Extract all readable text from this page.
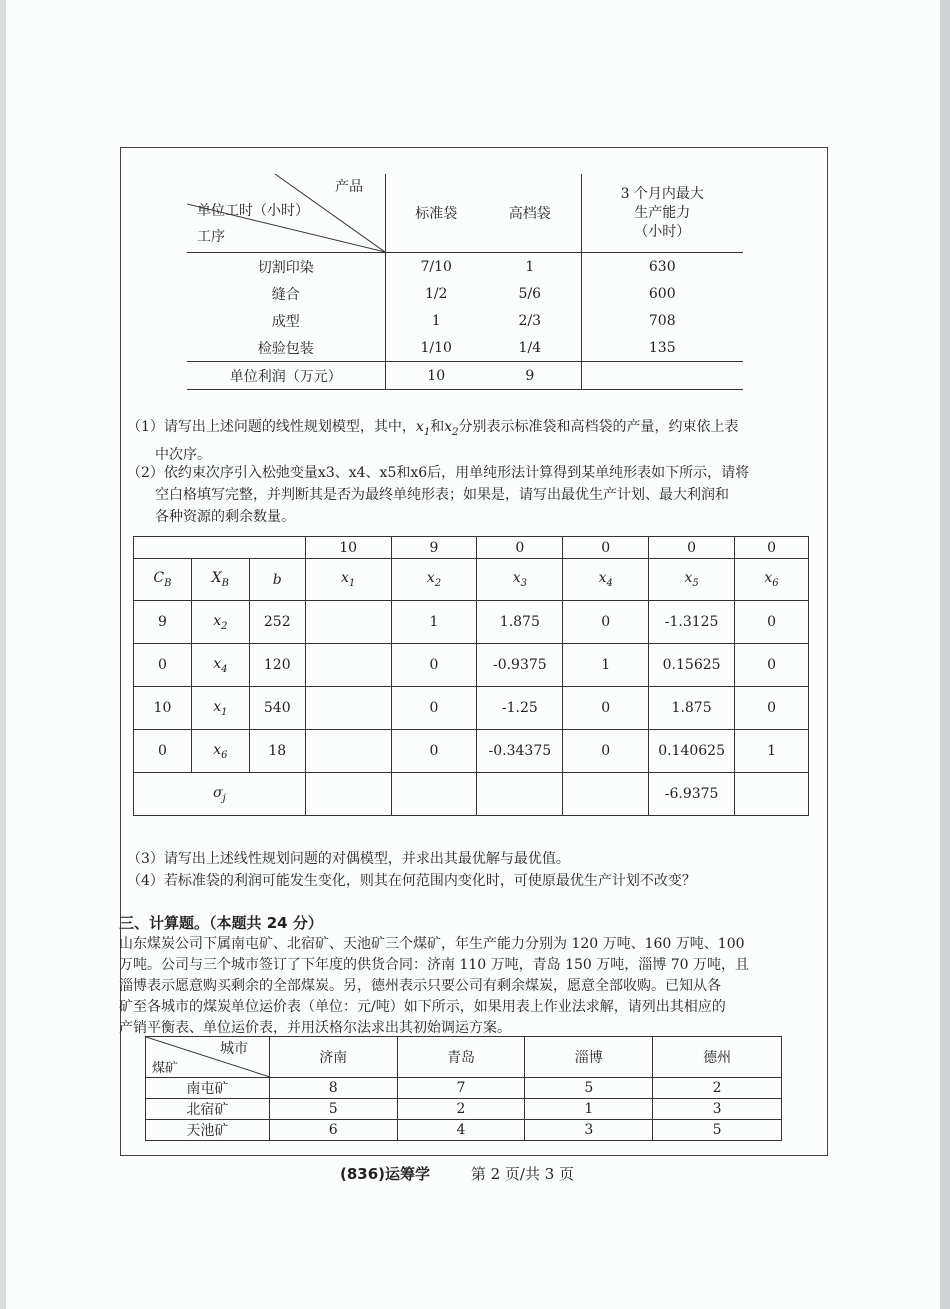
产品
单位工时（小时）
工序	标准袋 高档袋	3 个月内最大
生产能力
（小时）
切割印染	7/10 1	630
缝合	1/2 5/6	600
成型	1 2/3	708
检验包装	1/10 1/4	135
单位利润（万元）	10 9	
（1）请写出上述问题的线性规划模型，其中，$x_1$和$x_2$分别表示标准袋和高档袋的产量，约束依上表
中次序。
（2）依约束次序引入松弛变量x3、x4、x5和x6后，用单纯形法计算得到某单纯形表如下所示，请将
空白格填写完整，并判断其是否为最终单纯形表；如果是，请写出最优生产计划、最大利润和
各种资源的剩余数量。
			10	9	0	0	0	0
$C_B$	$X_B$	b	$x_1$	$x_2$	$x_3$	$x_4$	$x_5$	$x_6$
9	$x_2$	252		1	1.875	0	-1.3125	0
0	$x_4$	120		0	-0.9375	1	0.15625	0
10	$x_1$	540		0	-1.25	0	1.875	0
0	$x_6$	18		0	-0.34375	0	0.140625	1
$\sigma_j$							-6.9375	
（3）请写出上述线性规划问题的对偶模型，并求出其最优解与最优值。
（4）若标准袋的利润可能发生变化，则其在何范围内变化时，可使原最优生产计划不改变？
三、计算题。（本题共 24 分）
山东煤炭公司下属南屯矿、北宿矿、天池矿三个煤矿，年生产能力分别为 120 万吨、160 万吨、100
万吨。公司与三个城市签订了下年度的供货合同：济南 110 万吨，青岛 150 万吨，淄博 70 万吨，且
淄博表示愿意购买剩余的全部煤炭。另，德州表示只要公司有剩余煤炭，愿意全部收购。已知从各
矿至各城市的煤炭单位运价表（单位：元/吨）如下所示，如果用表上作业法求解，请列出其相应的
产销平衡表、单位运价表，并用沃格尔法求出其初始调运方案。
城市
煤矿	济南	青岛	淄博	德州
南屯矿	8	7	5	2
北宿矿	5	2	1	3
天池矿	6	4	3	5
(836)运筹学	第 2 页/共 3 页
